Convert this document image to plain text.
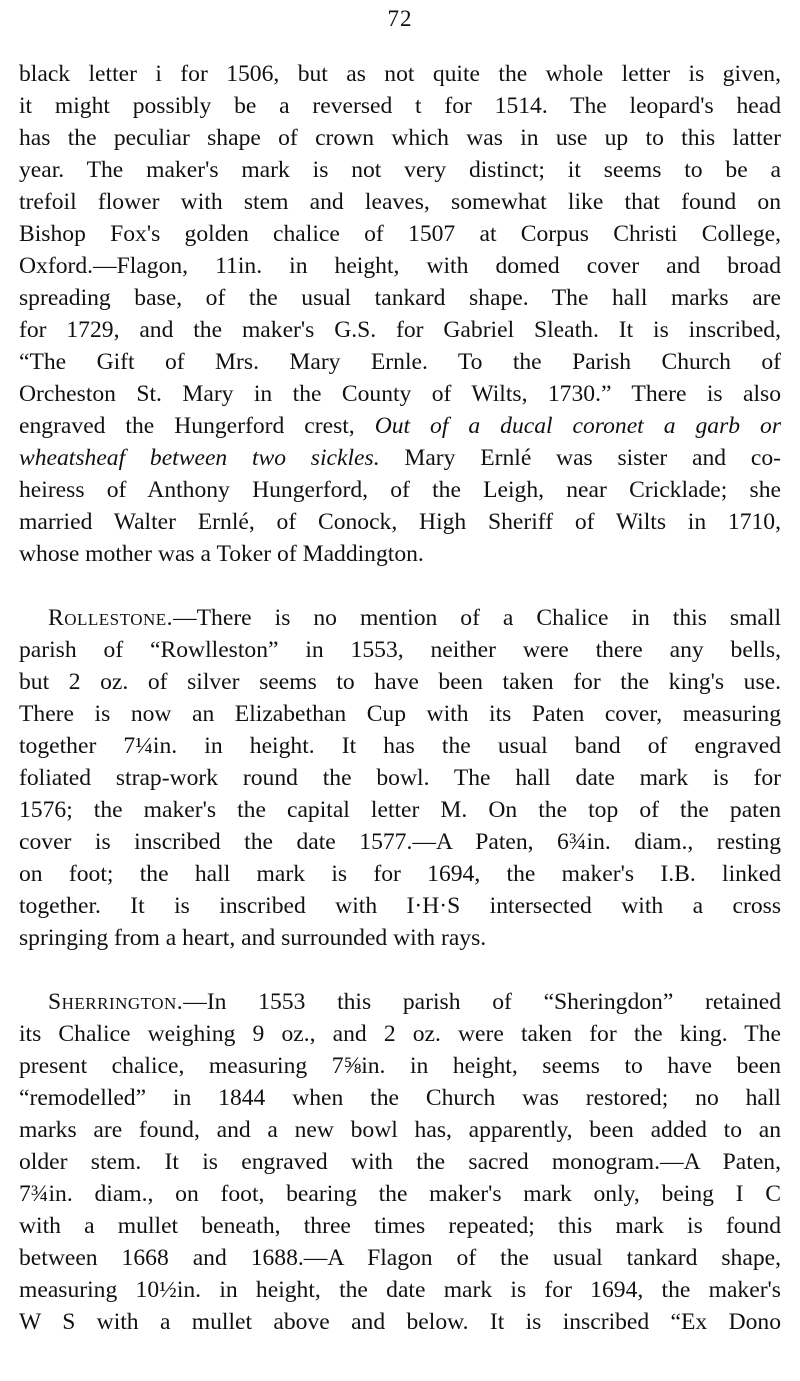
72
black letter i for 1506, but as not quite the whole letter is given,
it might possibly be a reversed t for 1514. The leopard's head
has the peculiar shape of crown which was in use up to this latter
year. The maker's mark is not very distinct; it seems to be a
trefoil flower with stem and leaves, somewhat like that found on
Bishop Fox's golden chalice of 1507 at Corpus Christi College,
Oxford.—Flagon, 11in. in height, with domed cover and broad
spreading base, of the usual tankard shape. The hall marks are
for 1729, and the maker's G.S. for Gabriel Sleath. It is inscribed,
“The Gift of Mrs. Mary Ernle. To the Parish Church of
Orcheston St. Mary in the County of Wilts, 1730.” There is also
engraved the Hungerford crest, Out of a ducal coronet a garb or
wheatsheaf between two sickles. Mary Ernlé was sister and co-
heiress of Anthony Hungerford, of the Leigh, near Cricklade; she
married Walter Ernlé, of Conock, High Sheriff of Wilts in 1710,
whose mother was a Toker of Maddington.
Rollestone.—There is no mention of a Chalice in this small
parish of “Rowlleston” in 1553, neither were there any bells,
but 2 oz. of silver seems to have been taken for the king's use.
There is now an Elizabethan Cup with its Paten cover, measuring
together 7¼in. in height. It has the usual band of engraved
foliated strap-work round the bowl. The hall date mark is for
1576; the maker's the capital letter M. On the top of the paten
cover is inscribed the date 1577.—A Paten, 6¾in. diam., resting
on foot; the hall mark is for 1694, the maker's I.B. linked
together. It is inscribed with I·H·S intersected with a cross
springing from a heart, and surrounded with rays.
Sherrington.—In 1553 this parish of “Sheringdon” retained
its Chalice weighing 9 oz., and 2 oz. were taken for the king. The
present chalice, measuring 7⅝in. in height, seems to have been
“remodelled” in 1844 when the Church was restored; no hall
marks are found, and a new bowl has, apparently, been added to an
older stem. It is engraved with the sacred monogram.—A Paten,
7¾in. diam., on foot, bearing the maker's mark only, being I C
with a mullet beneath, three times repeated; this mark is found
between 1668 and 1688.—A Flagon of the usual tankard shape,
measuring 10½in. in height, the date mark is for 1694, the maker's
W S with a mullet above and below. It is inscribed “Ex Dono
